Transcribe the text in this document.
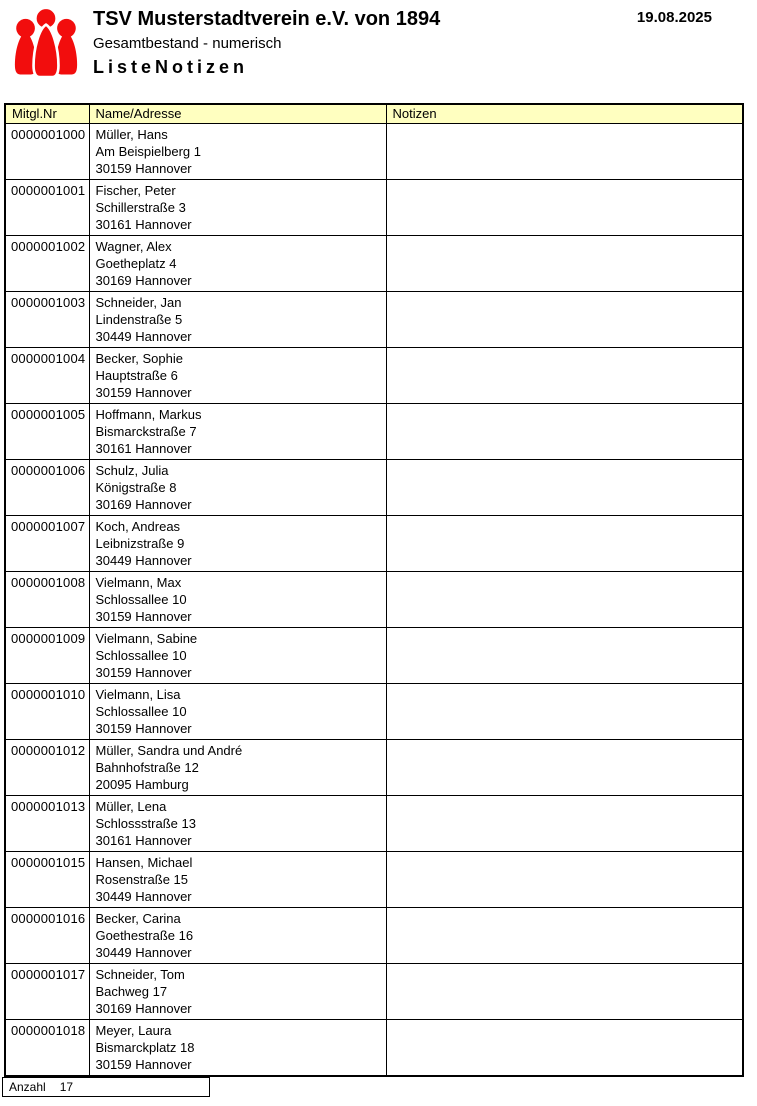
TSV Musterstadtverein e.V. von 1894
Gesamtbestand - numerisch
ListeNotizen
19.08.2025
Mitgl.Nr	Name/Adresse	Notizen
0000001000	Müller, Hans
Am Beispielberg 1
30159 Hannover	

0000001001	Fischer, Peter
Schillerstraße 3
30161 Hannover	

0000001002	Wagner, Alex
Goetheplatz 4
30169 Hannover	

0000001003	Schneider, Jan
Lindenstraße 5
30449 Hannover	

0000001004	Becker, Sophie
Hauptstraße 6
30159 Hannover	

0000001005	Hoffmann, Markus
Bismarckstraße 7
30161 Hannover	

0000001006	Schulz, Julia
Königstraße 8
30169 Hannover	

0000001007	Koch, Andreas
Leibnizstraße 9
30449 Hannover	

0000001008	Vielmann, Max
Schlossallee 10
30159 Hannover	

0000001009	Vielmann, Sabine
Schlossallee 10
30159 Hannover	

0000001010	Vielmann, Lisa
Schlossallee 10
30159 Hannover	

0000001012	Müller, Sandra und André
Bahnhofstraße 12
20095 Hamburg	

0000001013	Müller, Lena
Schlossstraße 13
30161 Hannover	

0000001015	Hansen, Michael
Rosenstraße 15
30449 Hannover	

0000001016	Becker, Carina
Goethestraße 16
30449 Hannover	

0000001017	Schneider, Tom
Bachweg 17
30169 Hannover	

0000001018	Meyer, Laura
Bismarckplatz 18
30159 Hannover	

Anzahl 17
